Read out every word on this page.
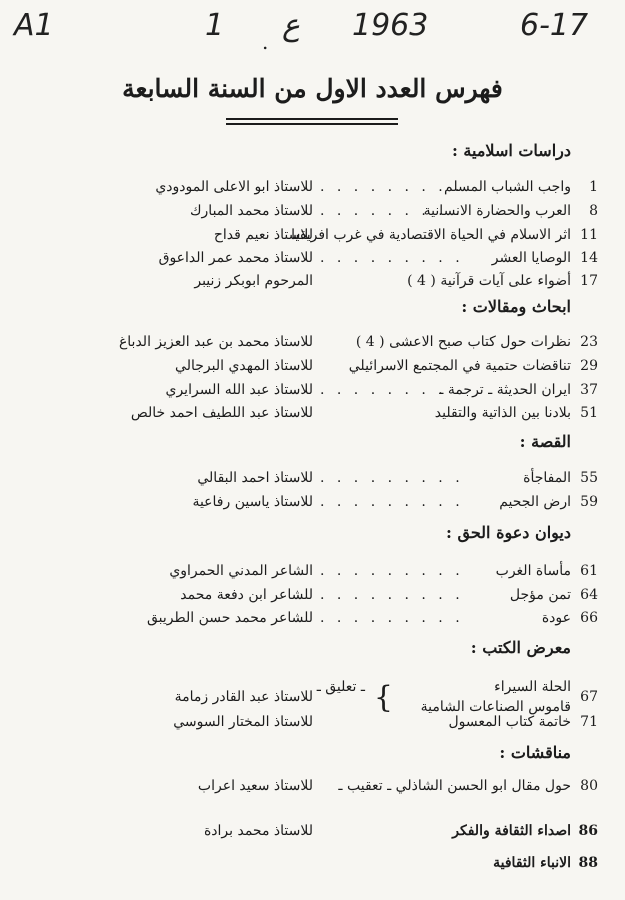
A1	1 . ع 1963	6-17
فهرس العدد الاول من السنة السابعة
دراسات اسلامية :
1
واجب الشباب المسلم
. . . . . . . . .
للاستاذ ابو الاعلى المودودي
8
العرب والحضارة الانسانية
. . . . . . . . .
للاستاذ محمد المبارك
11
اثر الاسلام في الحياة الاقتصادية في غرب افريقيا
للاستاذ نعيم قداح
14
الوصايا العشر
. . . . . . . . .
للاستاذ محمد عمر الداعوق
17
أضواء على آيات قرآنية ( 4 )
المرحوم ابوبكر زنيبر
ابحاث ومقالات :
23
نظرات حول كتاب صبح الاعشى ( 4 )
للاستاذ محمد بن عبد العزيز الدباغ
29
تناقضات حتمية في المجتمع الاسرائيلي
للاستاذ المهدي البرجالي
37
ايران الحديثة ـ ترجمة ـ
. . . . . . . . .
للاستاذ عبد الله السرايري
51
بلادنا بين الذاتية والتقليد
للاستاذ عبد اللطيف احمد خالص
القصة :
55
المفاجأة
. . . . . . . . .
للاستاذ احمد البقالي
59
ارض الجحيم
. . . . . . . . .
للاستاذ ياسين رفاعية
ديوان دعوة الحق :
61
مأساة الغرب
. . . . . . . . .
الشاعر المدني الحمراوي
64
تمن مؤجل
. . . . . . . . .
للشاعر ابن دفعة محمد
66
عودة
. . . . . . . . .
للشاعر محمد حسن الطريبق
معرض الكتب :
67
الحلة السيراء
قاموس الصناعات الشامية
{
ـ تعليق ـ
للاستاذ عبد القادر زمامة
71
خاتمة كتاب المعسول
للاستاذ المختار السوسي
مناقشات :
80
حول مقال ابو الحسن الشاذلي ـ تعقيب ـ
للاستاذ سعيد اعراب
86
اصداء الثقافة والفكر
للاستاذ محمد برادة
88
الانباء الثقافية
